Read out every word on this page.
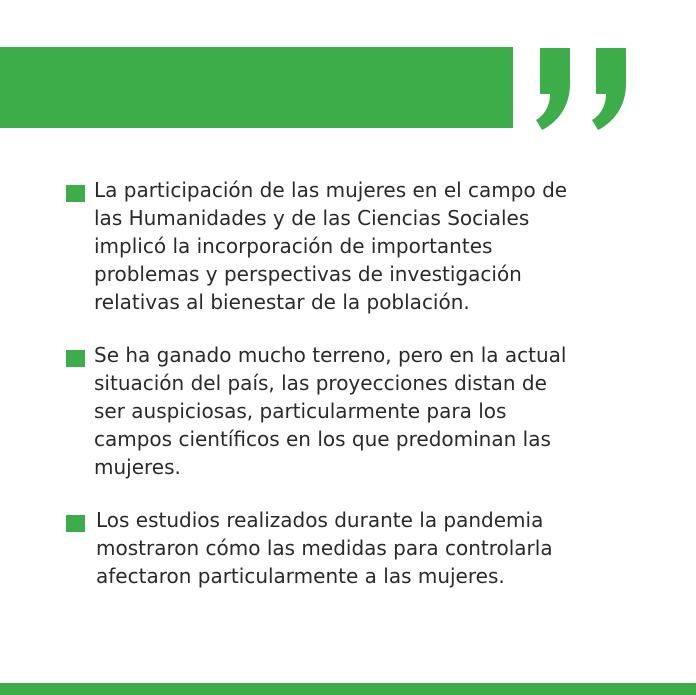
La participación de las mujeres en el campo de
las Humanidades y de las Ciencias Sociales
implicó la incorporación de importantes
problemas y perspectivas de investigación
relativas al bienestar de la población.

Se ha ganado mucho terreno, pero en la actual
situación del país, las proyecciones distan de
ser auspiciosas, particularmente para los
campos científicos en los que predominan las
mujeres.

Los estudios realizados durante la pandemia
mostraron cómo las medidas para controlarla
afectaron particularmente a las mujeres.
